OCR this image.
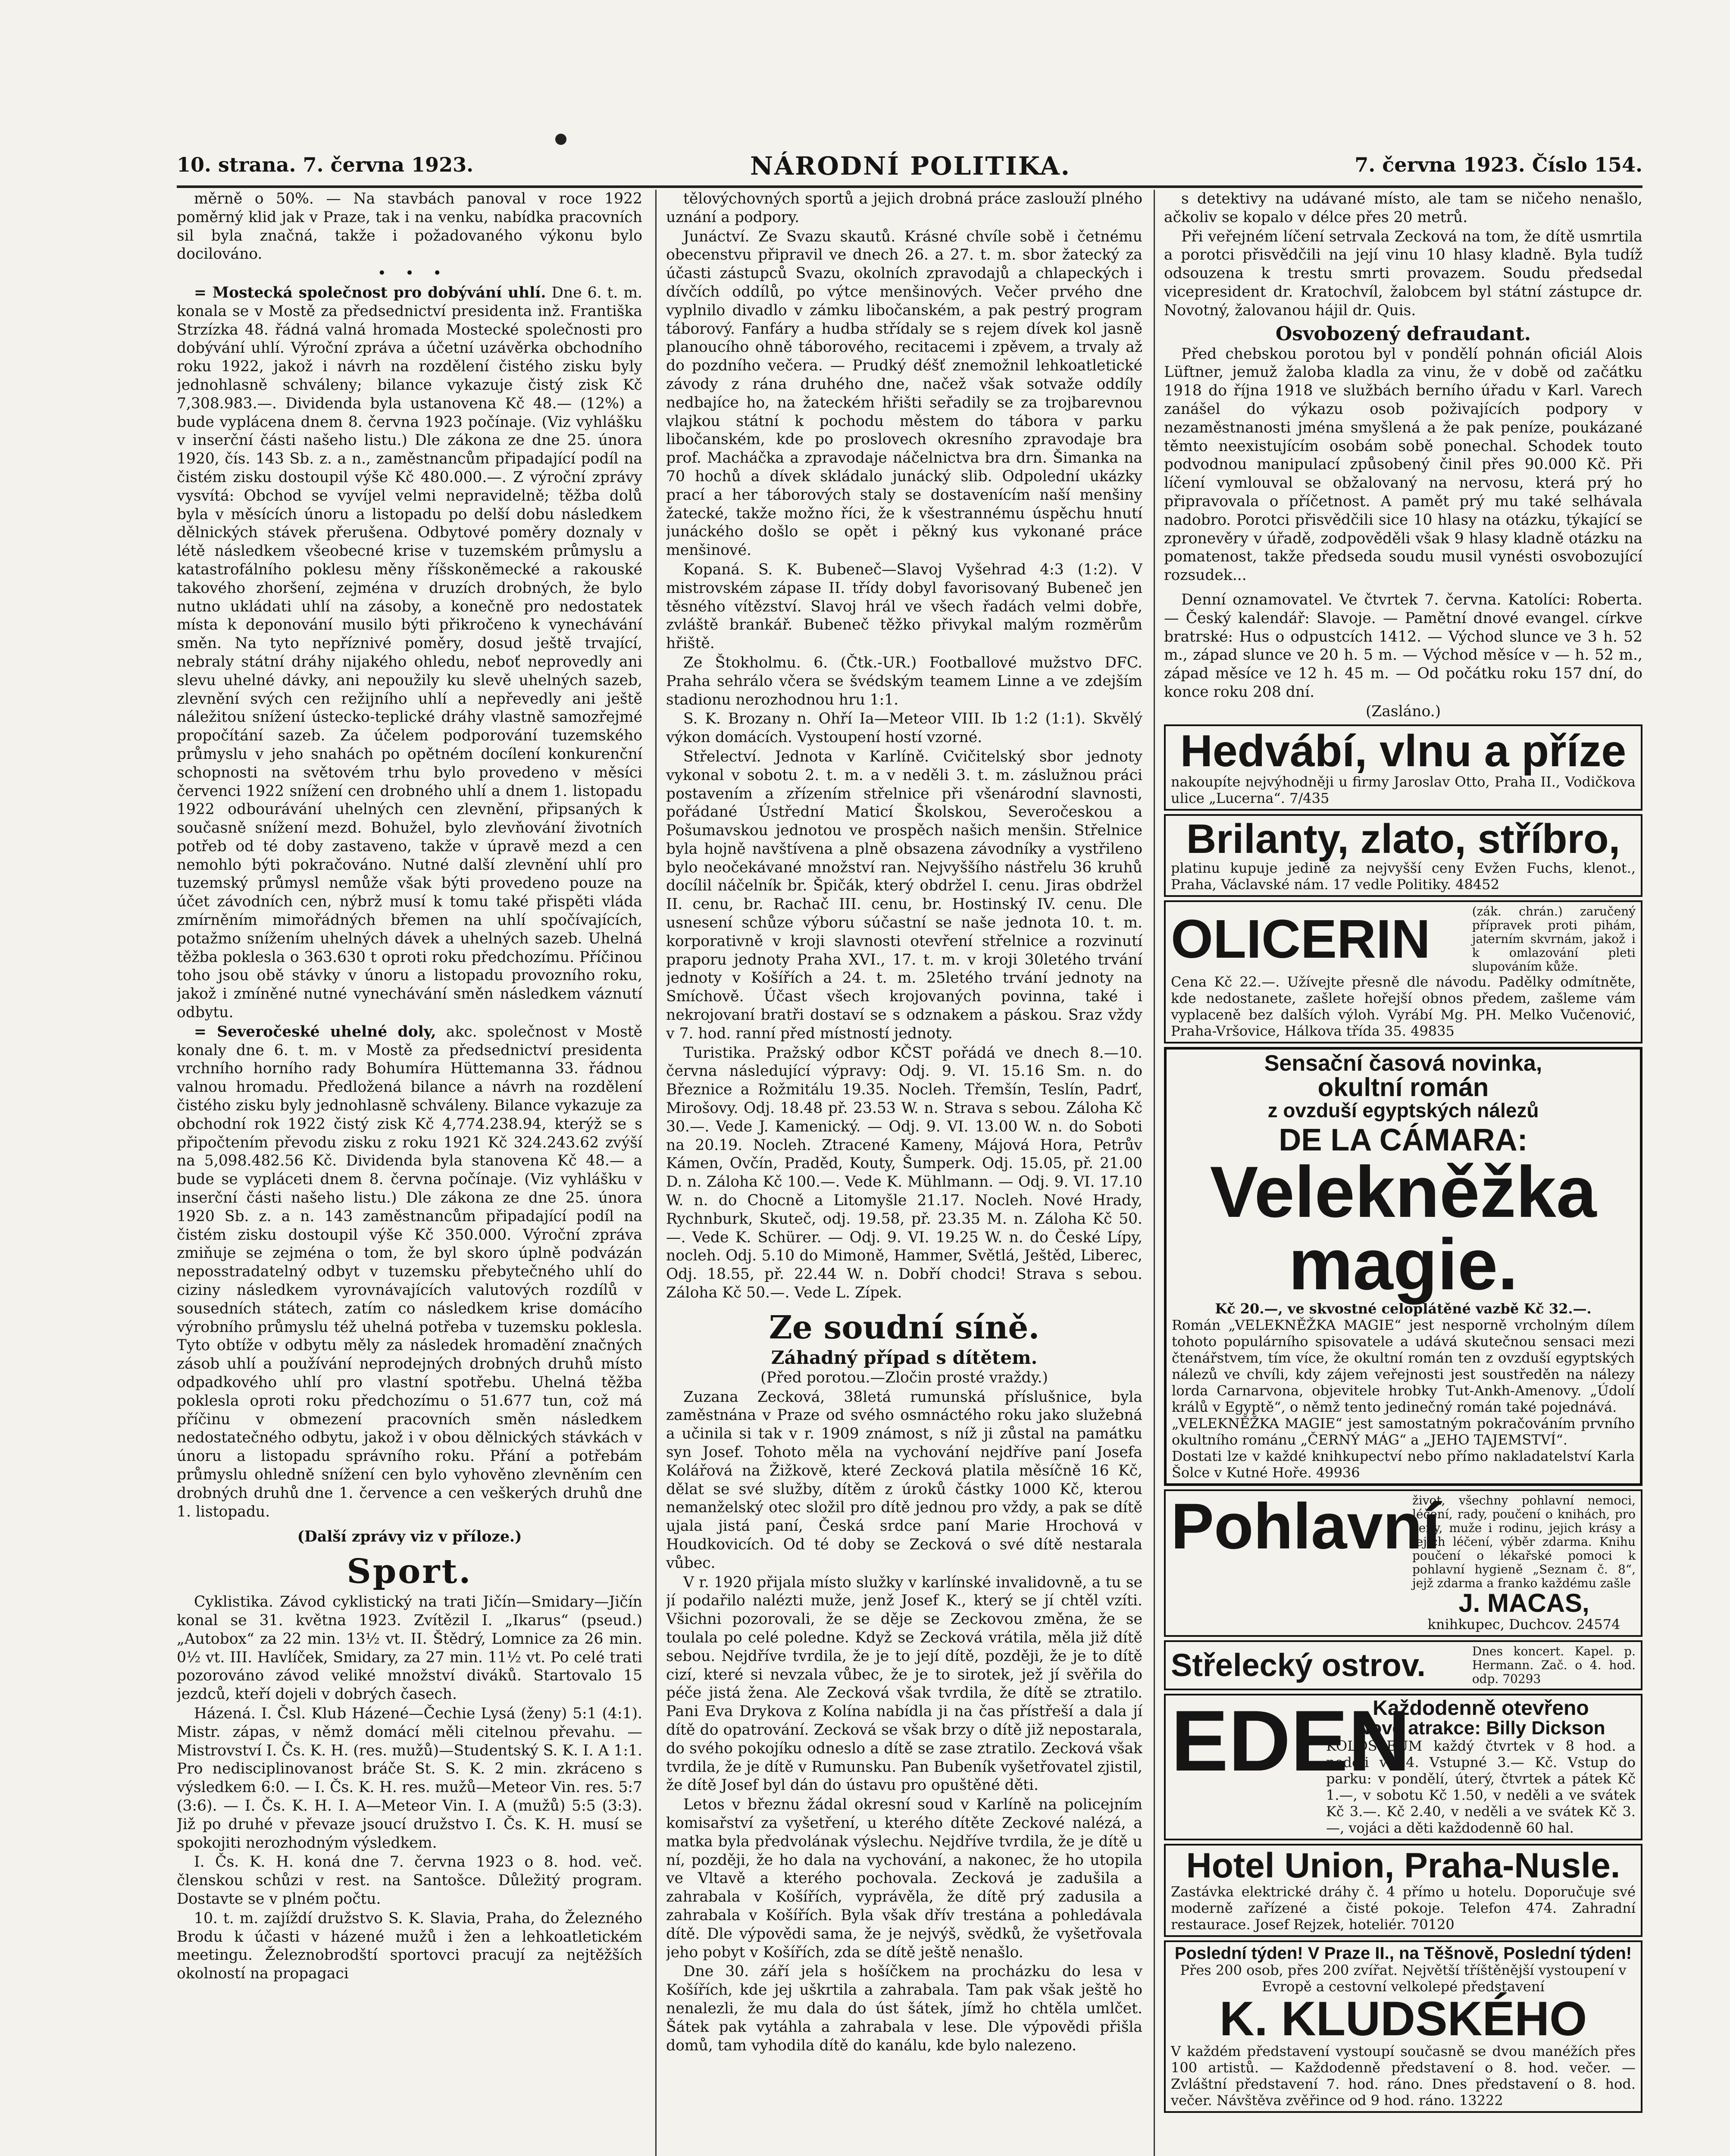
10. strana. 7. června 1923.	NÁRODNÍ POLITIKA.	7. června 1923. Číslo 154.

měrně o 50%. — Na stavbách panoval v roce 1922 poměrný klid jak v Praze, tak i na venku, nabídka pracovních sil byla značná, takže i požadovaného výkonu bylo docilováno.

•    •    •

= Mostecká společnost pro dobývání uhlí. Dne 6. t. m. konala se v Mostě za předsednictví presidenta inž. Františka Strzízka 48. řádná valná hromada Mostecké společnosti pro dobývání uhlí. Výroční zpráva a účetní uzávěrka obchodního roku 1922, jakož i návrh na rozdělení čistého zisku byly jednohlasně schváleny; bilance vykazuje čistý zisk Kč 7,308.983.—. Dividenda byla ustanovena Kč 48.— (12%) a bude vyplácena dnem 8. června 1923 počínaje. (Viz vyhlášku v inserční části našeho listu.) Dle zákona ze dne 25. února 1920, čís. 143 Sb. z. a n., zaměstnancům připadající podíl na čistém zisku dostoupil výše Kč 480.000.—. Z výroční zprávy vysvítá: Obchod se vyvíjel velmi nepravidelně; těžba dolů byla v měsících únoru a listopadu po delší dobu následkem dělnických stávek přerušena. Odbytové poměry doznaly v létě následkem všeobecné krise v tuzemském průmyslu a katastrofálního poklesu měny říšskoněmecké a rakouské takového zhoršení, zejména v druzích drobných, že bylo nutno ukládati uhlí na zásoby, a konečně pro nedostatek místa k deponování musilo býti přikročeno k vynechávání směn. Na tyto nepříznivé poměry, dosud ještě trvající, nebraly státní dráhy nijakého ohledu, neboť neprovedly ani slevu uhelné dávky, ani nepoužily ku slevě uhelných sazeb, zlevnění svých cen režijního uhlí a nepřevedly ani ještě náležitou snížení ústecko-teplické dráhy vlastně samozřejmé propočítání sazeb. Za účelem podporování tuzemského průmyslu v jeho snahách po opětném docílení konkurenční schopnosti na světovém trhu bylo provedeno v měsíci červenci 1922 snížení cen drobného uhlí a dnem 1. listopadu 1922 odbourávání uhelných cen zlevnění, připsaných k současně snížení mezd. Bohužel, bylo zlevňování životních potřeb od té doby zastaveno, takže v úpravě mezd a cen nemohlo býti pokračováno. Nutné další zlevnění uhlí pro tuzemský průmysl nemůže však býti provedeno pouze na účet závodních cen, nýbrž musí k tomu také přispěti vláda zmírněním mimořádných břemen na uhlí spočívajících, potažmo snížením uhelných dávek a uhelných sazeb. Uhelná těžba poklesla o 363.630 t oproti roku předchozímu. Příčinou toho jsou obě stávky v únoru a listopadu provozního roku, jakož i zmíněné nutné vynechávání směn následkem váznutí odbytu.

= Severočeské uhelné doly, akc. společnost v Mostě konaly dne 6. t. m. v Mostě za předsednictví presidenta vrchního horního rady Bohumíra Hüttemanna 33. řádnou valnou hromadu. Předložená bilance a návrh na rozdělení čistého zisku byly jednohlasně schváleny. Bilance vykazuje za obchodní rok 1922 čistý zisk Kč 4,774.238.94, kterýž se s připočtením převodu zisku z roku 1921 Kč 324.243.62 zvýší na 5,098.482.56 Kč. Dividenda byla stanovena Kč 48.— a bude se vypláceti dnem 8. června počínaje. (Viz vyhlášku v inserční části našeho listu.) Dle zákona ze dne 25. února 1920 Sb. z. a n. 143 zaměstnancům připadající podíl na čistém zisku dostoupil výše Kč 350.000. Výroční zpráva zmiňuje se zejména o tom, že byl skoro úplně podvázán neposstradatelný odbyt v tuzemsku přebytečného uhlí do ciziny následkem vyrovnávajících valutových rozdílů v sousedních státech, zatím co následkem krise domácího výrobního průmyslu též uhelná potřeba v tuzemsku poklesla. Tyto obtíže v odbytu měly za následek hromadění značných zásob uhlí a používání neprodejných drobných druhů místo odpadkového uhlí pro vlastní spotřebu. Uhelná těžba poklesla oproti roku předchozímu o 51.677 tun, což má příčinu v obmezení pracovních směn následkem nedostatečného odbytu, jakož i v obou dělnických stávkách v únoru a listopadu správního roku. Přání a potřebám průmyslu ohledně snížení cen bylo vyhověno zlevněním cen drobných druhů dne 1. července a cen veškerých druhů dne 1. listopadu.

(Další zprávy viz v příloze.)

Sport.

Cyklistika. Závod cyklistický na trati Jičín—Smidary—Jičín konal se 31. května 1923. Zvítězil I. „Ikarus“ (pseud.) „Autobox“ za 22 min. 13½ vt. II. Štědrý, Lomnice za 26 min. 0½ vt. III. Havlíček, Smidary, za 27 min. 11½ vt. Po celé trati pozorováno závod veliké množství diváků. Startovalo 15 jezdců, kteří dojeli v dobrých časech.

Házená. I. Čsl. Klub Házené—Čechie Lysá (ženy) 5:1 (4:1). Mistr. zápas, v němž domácí měli citelnou převahu. — Mistrovství I. Čs. K. H. (res. mužů)—Studentský S. K. I. A 1:1. Pro nedisciplinovanost bráče St. S. K. 2 min. zkráceno s výsledkem 6:0. — I. Čs. K. H. res. mužů—Meteor Vin. res. 5:7 (3:6). — I. Čs. K. H. I. A—Meteor Vin. I. A (mužů) 5:5 (3:3). Již po druhé v převaze jsoucí družstvo I. Čs. K. H. musí se spokojiti nerozhodným výsledkem.

I. Čs. K. H. koná dne 7. června 1923 o 8. hod. več. členskou schůzi v rest. na Santošce. Důležitý program. Dostavte se v plném počtu.

10. t. m. zajíždí družstvo S. K. Slavia, Praha, do Železného Brodu k účasti v házené mužů i žen a lehkoatletickém meetingu. Železnobrodští sportovci pracují za nejtěžších okolností na propagaci

tělovýchovných sportů a jejich drobná práce zaslouží plného uznání a podpory.

Junáctví. Ze Svazu skautů. Krásné chvíle sobě i četnému obecenstvu připravil ve dnech 26. a 27. t. m. sbor žatecký za účasti zástupců Svazu, okolních zpravodajů a chlapeckých i dívčích oddílů, po výtce menšinových. Večer prvého dne vyplnilo divadlo v zámku libočanském, a pak pestrý program táborový. Fanfáry a hudba střídaly se s rejem dívek kol jasně planoucího ohně táborového, recitacemi i zpěvem, a trvaly až do pozdního večera. — Prudký déšť znemožnil lehkoatletické závody z rána druhého dne, načež však sotvaže oddíly nedbajíce ho, na žateckém hřišti seřadily se za trojbarevnou vlajkou státní k pochodu městem do tábora v parku libočanském, kde po proslovech okresního zpravodaje bra prof. Macháčka a zpravodaje náčelnictva bra drn. Šimanka na 70 hochů a dívek skládalo junácký slib. Odpolední ukázky prací a her táborových staly se dostavenícím naší menšiny žatecké, takže možno říci, že k všestrannému úspěchu hnutí junáckého došlo se opět i pěkný kus vykonané práce menšinové.

Kopaná. S. K. Bubeneč—Slavoj Vyšehrad 4:3 (1:2). V mistrovském zápase II. třídy dobyl favorisovaný Bubeneč jen těsného vítězství. Slavoj hrál ve všech řadách velmi dobře, zvláště brankář. Bubeneč těžko přivykal malým rozměrům hřiště.

Ze Štokholmu. 6. (Čtk.-UR.) Footballové mužstvo DFC. Praha sehrálo včera se švédským teamem Linne a ve zdejším stadionu nerozhodnou hru 1:1.

S. K. Brozany n. Ohří Ia—Meteor VIII. Ib 1:2 (1:1). Skvělý výkon domácích. Vystoupení hostí vzorné.

Střelectví. Jednota v Karlíně. Cvičitelský sbor jednoty vykonal v sobotu 2. t. m. a v neděli 3. t. m. záslužnou práci postavením a zřízením střelnice při všenárodní slavnosti, pořádané Ústřední Maticí Školskou, Severočeskou a Pošumavskou jednotou ve prospěch našich menšin. Střelnice byla hojně navštívena a plně obsazena závodníky a vystřileno bylo neočekávané množství ran. Nejvyššího nástřelu 36 kruhů docílil náčelník br. Špičák, který obdržel I. cenu. Jiras obdržel II. cenu, br. Rachač III. cenu, br. Hostinský IV. cenu. Dle usnesení schůze výboru súčastní se naše jednota 10. t. m. korporativně v kroji slavnosti otevření střelnice a rozvinutí praporu jednoty Praha XVI., 17. t. m. v kroji 30letého trvání jednoty v Košířích a 24. t. m. 25letého trvání jednoty na Smíchově. Účast všech krojovaných povinna, také i nekrojovaní bratři dostaví se s odznakem a páskou. Sraz vždy v 7. hod. ranní před místností jednoty.

Turistika. Pražský odbor KČST pořádá ve dnech 8.—10. června následující výpravy: Odj. 9. VI. 15.16 Sm. n. do Březnice a Rožmitálu 19.35. Nocleh. Třemšín, Teslín, Padrť, Mirošovy. Odj. 18.48 př. 23.53 W. n. Strava s sebou. Záloha Kč 30.—. Vede J. Kamenický. — Odj. 9. VI. 13.00 W. n. do Soboti na 20.19. Nocleh. Ztracené Kameny, Májová Hora, Petrův Kámen, Ovčín, Praděd, Kouty, Šumperk. Odj. 15.05, př. 21.00 D. n. Záloha Kč 100.—. Vede K. Mühlmann. — Odj. 9. VI. 17.10 W. n. do Chocně a Litomyšle 21.17. Nocleh. Nové Hrady, Rychnburk, Skuteč, odj. 19.58, př. 23.35 M. n. Záloha Kč 50.—. Vede K. Schürer. — Odj. 9. VI. 19.25 W. n. do České Lípy, nocleh. Odj. 5.10 do Mimoně, Hammer, Světlá, Ještěd, Liberec, Odj. 18.55, př. 22.44 W. n. Dobří chodci! Strava s sebou. Záloha Kč 50.—. Vede L. Zípek.

Ze soudní síně.
Záhadný případ s dítětem.

(Před porotou.—Zločin prosté vraždy.)

Zuzana Zecková, 38letá rumunská příslušnice, byla zaměstnána v Praze od svého osmnáctého roku jako služebná a učinila si tak v r. 1909 známost, s níž ji zůstal na památku syn Josef. Tohoto měla na vychování nejdříve paní Josefa Kolářová na Žižkově, které Zecková platila měsíčně 16 Kč, dělat se své služby, dítěm z úroků částky 1000 Kč, kterou nemanželský otec složil pro dítě jednou pro vždy, a pak se dítě ujala jistá paní, Česká srdce paní Marie Hrochová v Houdkovicích. Od té doby se Zecková o své dítě nestarala vůbec.

V r. 1920 přijala místo služky v karlínské invalidovně, a tu se jí podařilo nalézti muže, jenž Josef K., který se jí chtěl vzíti. Všichni pozorovali, že se děje se Zeckovou změna, že se toulala po celé poledne. Když se Zecková vrátila, měla již dítě sebou. Nejdříve tvrdila, že je to její dítě, později, že je to dítě cizí, které si nevzala vůbec, že je to sirotek, jež jí svěřila do péče jistá žena. Ale Zecková však tvrdila, že dítě se ztratilo. Pani Eva Drykova z Kolína nabídla ji na čas přístřeší a dala jí dítě do opatrování. Zecková se však brzy o dítě již nepostarala, do svého pokojíku odneslo a dítě se zase ztratilo. Zecková však tvrdila, že je dítě v Rumunsku. Pan Bubeník vyšetřovatel zjistil, že dítě Josef byl dán do ústavu pro opuštěné děti.

Letos v březnu žádal okresní soud v Karlíně na policejním komisařství za vyšetření, u kterého dítěte Zeckové nalézá, a matka byla předvolának výslechu. Nejdříve tvrdila, že je dítě u ní, později, že ho dala na vychování, a nakonec, že ho utopila ve Vltavě a kterého pochovala. Zecková je zadušila a zahrabala v Košířích, vyprávěla, že dítě prý zadusila a zahrabala v Košířích. Byla však dřív trestána a pohledávala dítě. Dle výpovědi sama, že je nejvýš, svědků, že vyšetřovala jeho pobyt v Košířích, zda se dítě ještě nenašlo.

Dne 30. září jela s hošíčkem na procházku do lesa v Košířích, kde jej uškrtila a zahrabala. Tam pak však ještě ho nenalezli, že mu dala do úst šátek, jímž ho chtěla umlčet. Šátek pak vytáhla a zahrabala v lese. Dle výpovědi přišla domů, tam vyhodila dítě do kanálu, kde bylo nalezeno.

s detektivy na udávané místo, ale tam se ničeho nenašlo, ačkoliv se kopalo v délce přes 20 metrů.

Při veřejném líčení setrvala Zecková na tom, že dítě usmrtila a porotci přisvědčili na její vinu 10 hlasy kladně. Byla tudíž odsouzena k trestu smrti provazem. Soudu předsedal vicepresident dr. Kratochvíl, žalobcem byl státní zástupce dr. Novotný, žalovanou hájil dr. Quis.

Osvobozený defraudant.

Před chebskou porotou byl v pondělí pohnán oficiál Alois Lüftner, jemuž žaloba kladla za vinu, že v době od začátku 1918 do října 1918 ve službách berního úřadu v Karl. Varech zanášel do výkazu osob poživajících podpory v nezaměstnanosti jména smyšlená a že pak peníze, poukázané těmto neexistujícím osobám sobě ponechal. Schodek touto podvodnou manipulací způsobený činil přes 90.000 Kč. Při líčení vymlouval se obžalovaný na nervosu, která prý ho připravovala o příčetnost. A pamět prý mu také selhávala nadobro. Porotci přisvědčili sice 10 hlasy na otázku, týkající se zpronevěry v úřadě, zodpověděli však 9 hlasy kladně otázku na pomatenost, takže předseda soudu musil vynésti osvobozující rozsudek...

Denní oznamovatel. Ve čtvrtek 7. června. Katolíci: Roberta. — Český kalendář: Slavoje. — Pamětní dnové evangel. církve bratrské: Hus o odpustcích 1412. — Východ slunce ve 3 h. 52 m., západ slunce ve 20 h. 5 m. — Východ měsíce v — h. 52 m., západ měsíce ve 12 h. 45 m. — Od počátku roku 157 dní, do konce roku 208 dní.

(Zasláno.)

Hedvábí, vlnu a příze

nakoupíte nejvýhodněji u firmy Jaroslav Otto, Praha II., Vodičkova ulice „Lucerna“. 7/435

Brilanty, zlato, stříbro,

platinu kupuje jedině za nejvyšší ceny Evžen Fuchs, klenot., Praha, Václavské nám. 17 vedle Politiky. 48452

OLICERIN	(zák. chrán.) zaručený přípravek proti pihám, jaterním skvrnám, jakož i k omlazování pleti slupováním kůže.

Cena Kč 22.—. Užívejte přesně dle návodu. Padělky odmítněte, kde nedostanete, zašlete hořejší obnos předem, zašleme vám vyplaceně bez dalších výloh. Vyrábí Mg. PH. Melko Vučenović, Praha-Vršovice, Hálkova třída 35. 49835

Sensační časová novinka,

okultní román

z ovzduší egyptských nálezů

DE LA CÁMARA:

Velekněžka

magie.

Kč 20.—, ve skvostné celoplátěné vazbě Kč 32.—.

Román „VELEKNĚŽKA MAGIE“ jest nesporně vrcholným dílem tohoto populárního spisovatele a udává skutečnou sensaci mezi čtenářstvem, tím více, že okultní román ten z ovzduší egyptských nálezů ve chvíli, kdy zájem veřejnosti jest soustředěn na nálezy lorda Carnarvona, objevitele hrobky Tut-Ankh-Amenovy. „Údolí králů v Egyptě“, o němž tento jedinečný román také pojednává.

„VELEKNĚŽKA MAGIE“ jest samostatným pokračováním prvního okultního románu „ČERNÝ MÁG“ a „JEHO TAJEMSTVÍ“.

Dostati lze v každé knihkupectví nebo přímo nakladatelství Karla Šolce v Kutné Hoře. 49936

Pohlavní

život, všechny pohlavní nemoci, léčení, rady, poučení o knihách, pro ženy, muže i rodinu, jejich krásy a jejich léčení, výběr zdarma. Knihu poučení o lékařské pomoci k pohlavní hygieně „Seznam č. 8“, jejž zdarma a franko každému zašle

J. MACAS,

knihkupec, Duchcov. 24574

Střelecký ostrov.	Dnes koncert. Kapel. p. Hermann. Zač. o 4. hod. odp. 70293

EDEN

Každodenně otevřeno

Nové atrakce: Billy Dickson

KOLOSSEUM každý čtvrtek v 8 hod. a neděli ve 4. Vstupné 3.— Kč. Vstup do parku: v pondělí, úterý, čtvrtek a pátek Kč 1.—, v sobotu Kč 1.50, v neděli a ve svátek Kč 3.—. Kč 2.40, v neděli a ve svátek Kč 3.—, vojáci a děti každodenně 60 hal.

Hotel Union, Praha-Nusle.

Zastávka elektrické dráhy č. 4 přímo u hotelu. Doporučuje své moderně zařízené a čisté pokoje. Telefon 474. Zahradní restaurace. Josef Rejzek, hoteliér. 70120

Poslední týden! V Praze II., na Těšnově, Poslední týden!

Přes 200 osob, přes 200 zvířat. Největší tříštěnější vystoupení v Evropě a cestovní velkolepé představení

K. KLUDSKÉHO

V každém představení vystoupí současně se dvou manéžích přes 100 artistů. — Každodenně představení o 8. hod. večer. — Zvláštní představení 7. hod. ráno. Dnes představení o 8. hod. večer. Návštěva zvěřince od 9 hod. ráno. 13222
